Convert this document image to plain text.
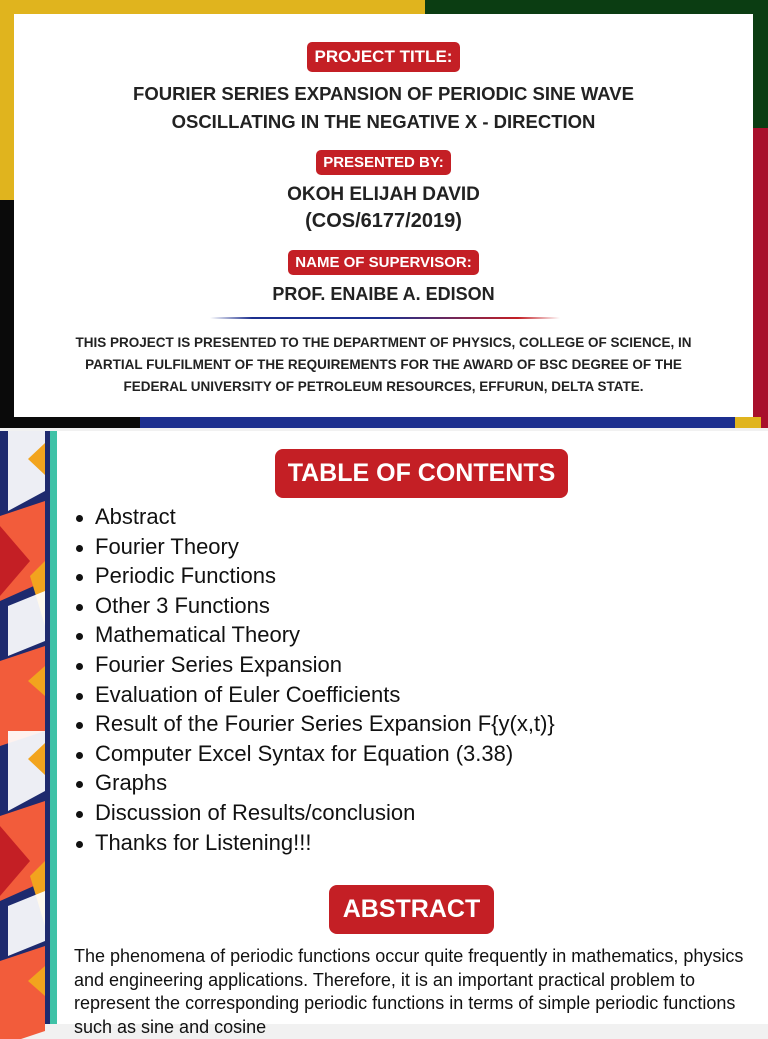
PROJECT TITLE:
FOURIER SERIES EXPANSION OF PERIODIC SINE WAVE
OSCILLATING IN THE NEGATIVE X - DIRECTION
PRESENTED BY:
OKOH ELIJAH DAVID
(COS/6177/2019)
NAME OF SUPERVISOR:
PROF. ENAIBE A. EDISON
THIS PROJECT IS PRESENTED TO THE DEPARTMENT OF PHYSICS, COLLEGE OF SCIENCE, IN
PARTIAL FULFILMENT OF THE REQUIREMENTS FOR THE AWARD OF BSC DEGREE OF THE
FEDERAL UNIVERSITY OF PETROLEUM RESOURCES, EFFURUN, DELTA STATE.
TABLE OF CONTENTS
Abstract
Fourier Theory
Periodic Functions
Other 3 Functions
Mathematical Theory
Fourier Series Expansion
Evaluation of Euler Coefficients
Result of the Fourier Series Expansion F{y(x,t)}
Computer Excel Syntax for Equation (3.38)
Graphs
Discussion of Results/conclusion
Thanks for Listening!!!
ABSTRACT

The phenomena of periodic functions occur quite frequently in mathematics, physics and engineering applications. Therefore, it is an important practical problem to represent the corresponding periodic functions in terms of simple periodic functions such as sine and cosine
